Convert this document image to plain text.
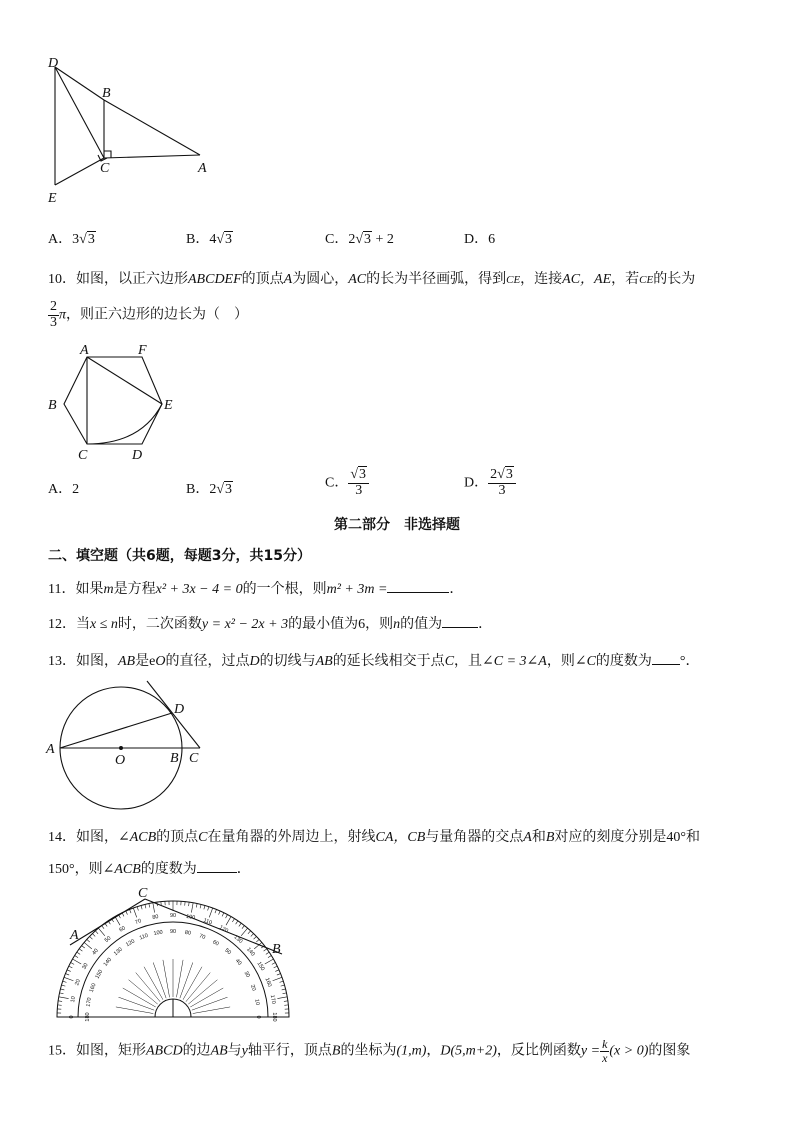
D
B
C	A
E
A．3√3	B．4√3	C．2√3 + 2	D．6
10．如图，以正六边形ABCDEF的顶点A为圆心，AC的长为半径画弧，得到CE，连接AC，AE，若CE的长为
$\frac{2}{3}$ π，则正六边形的边长为（　）
A	F
B	E
C	D
A．2	B．2√3	C． $\frac{√3}{3}$	D． $\frac{2√3}{3}$
第二部分　非选择题
二、填空题（共6题，每题3分，共15分）
11．如果m是方程x² + 3x − 4 = 0的一个根，则m² + 3m =	．
12．当x ≤ n时，二次函数y = x² − 2x + 3的最小值为6，则n的值为	．
13．如图，AB是eO的直径，过点D的切线与AB的延长线相交于点C，且∠C = 3∠A，则∠C的度数为 °．
A
O	B C
D
14．如图，∠ACB的顶点C在量角器的外周边上，射线CA，CB与量角器的交点A和B对应的刻度分别是40°和
150°，则∠ACB的度数为	．
0 180
10 170
20
160
30
150
40
140
50
130
60
120
70
110
80
100
90
90
100
80
110
70
120
60 130
50 140
40 150
30
160
20
170
10
180
0
A
C
B
15．如图，矩形ABCD的边AB与y轴平行，顶点B的坐标为(1,m)，D(5,m+2)，反比例函数$y = \frac{k}{x} (x > 0)$的图象
